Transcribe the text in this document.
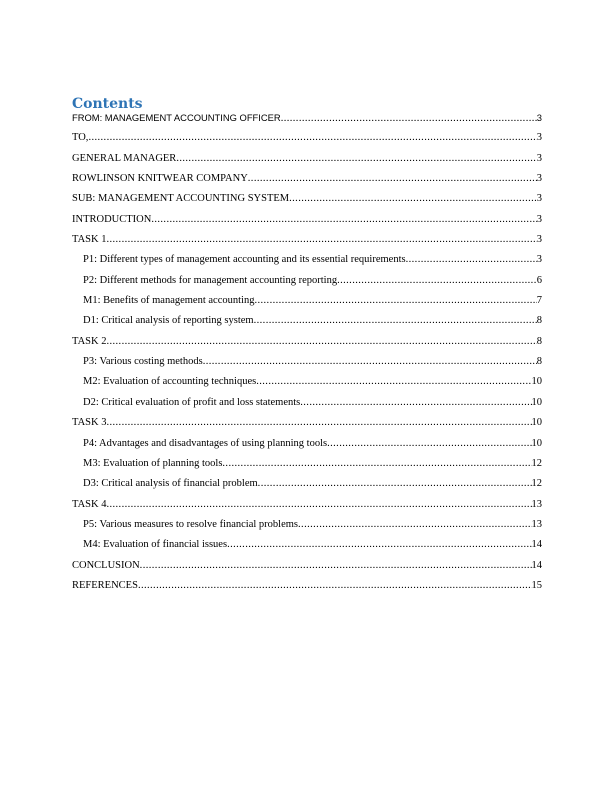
Contents
FROM: MANAGEMENT ACCOUNTING OFFICER .....	3
TO, .....	3
GENERAL MANAGER .....	3
ROWLINSON KNITWEAR COMPANY .....	3
SUB: MANAGEMENT ACCOUNTING SYSTEM .....	3
INTRODUCTION .....	3
TASK 1 .....	3
P1: Different types of management accounting and its essential requirements .....	3
P2: Different methods for management accounting reporting .....	6
M1: Benefits of management accounting .....	7
D1: Critical analysis of reporting system .....	8
TASK 2 .....	8
P3: Various costing methods .....	8
M2: Evaluation of accounting techniques .....	10
D2: Critical evaluation of profit and loss statements .....	10
TASK 3 .....	10
P4: Advantages and disadvantages of using planning tools .....	10
M3: Evaluation of planning tools .....	12
D3: Critical analysis of financial problem .....	12
TASK 4 .....	13
P5: Various measures to resolve financial problems .....	13
M4: Evaluation of financial issues .....	14
CONCLUSION .....	14
REFERENCES .....	15
